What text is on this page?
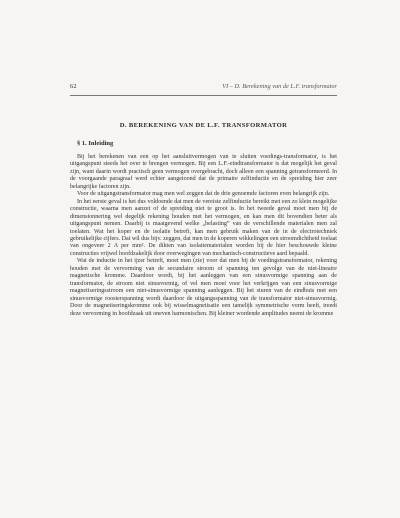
62	VI – D. Berekening van de L.F. transformator
D. BEREKENING VAN DE L.F. TRANSFORMATOR
§ 1. Inleiding

Bij het berekenen van een op het aansluitvermogen van te sluiten voedings-transformator, is het uitgangspunt steeds het over te brengen vermogen. Bij een L.F.-eindtransformator is dat mogelijk het geval zijn, want daarin wordt practisch geen vermogen overgebracht, doch alleen een spanning getransformeerd. In de voorgaande paragraaf werd echter aangetoond dat de primaire zelfinductie en de spreiding hier zeer belangrijke factoren zijn.

Voor de uitgangstransformator mag men wel zeggen dat de drie genoemde factoren even belangrijk zijn.

In het eerste geval is het dus voldoende dat men de vereiste zelfinductie bereikt met een zo klein mogelijke constructie, waarna men aanzet of de spreiding niet te groot is. In het tweede geval moet men bij de dimensionnering wel degelijk rekening houden met het vermogen, en kan men dit bovendien beter als uitgangspunt nemen. Daarbij is maatgevend welke „belasting” van de verschillende materialen men zal toelaten. Wat het koper en de isolatie betreft, kan men gebruik maken van de in de electrotechniek gebruikelijke cijfers. Dat wil dus bijv. zeggen, dat men in de koperen wikkelingen een stroomdichtheid toelaat van ongeveer 2 A per mm². De dikten van isolatiematerialen worden bij de hier beschouwde kleine constructies vrijwel hoofdzakelijk door overwegingen van mechanisch-constructieve aard bepaald.

Wat de inductie in het ijzer betreft, moet men (zie) voor dat men bij de voedingstransformator, rekening houden met de vervorming van de secundaire stroom of spanning ten gevolge van de niet-lineaire magnetische kromme. Daardoor wordt, bij het aanleggen van een sinusvormige spanning aan de transformator, de stroom niet sinusvormig, of vel men moet voor het verkrijgen van een sinusvormige magnetiseringsstroom een niet-sinusvormige spanning aanleggen. Bij het sturen van de eindbuis met een sinusvormige roosterspanning wordt daardoor de uitgangsspanning van de transformator niet-sinusvormig. Door de magnetiseringskromme ook bij wisselmagnetisatie een tamelijk symmetrische vorm heeft, treedt deze vervorming in hoofdzaak uit oneven harmonischen. Bij kleiner wordende amplitudes neemt de kromme
